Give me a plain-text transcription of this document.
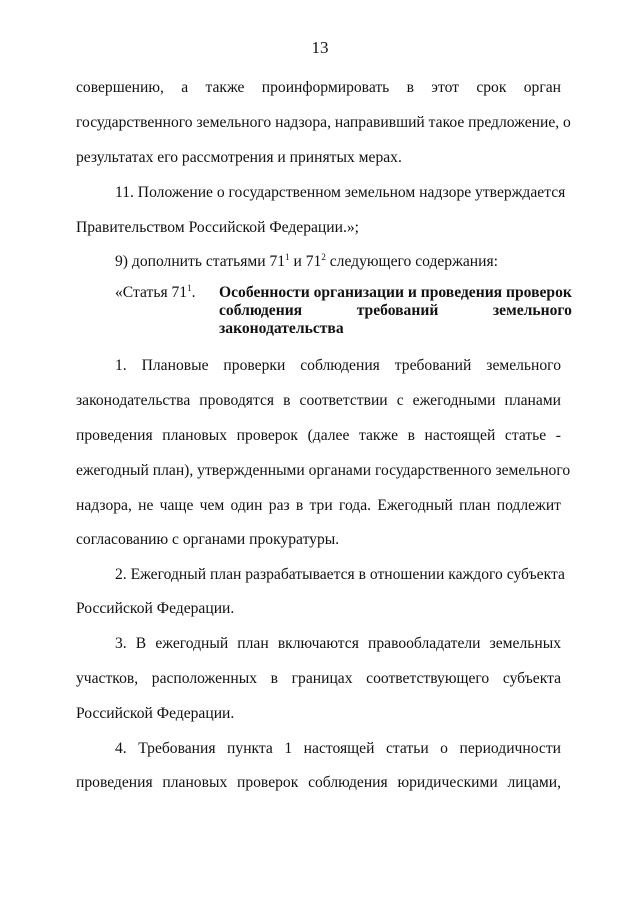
13
совершению, а также проинформировать в этот срок орган
государственного земельного надзора, направивший такое предложение, о
результатах его рассмотрения и принятых мерах.
11. Положение о государственном земельном надзоре утверждается
Правительством Российской Федерации.»;
9) дополнить статьями $71^1$ и $71^2$ следующего содержания:
«Статья $71^1$.	Особенности организации и проведения проверок
соблюдения требований земельного
законодательства
1. Плановые проверки соблюдения требований земельного
законодательства проводятся в соответствии с ежегодными планами
проведения плановых проверок (далее также в настоящей статье -
ежегодный план), утвержденными органами государственного земельного
надзора, не чаще чем один раз в три года. Ежегодный план подлежит
согласованию с органами прокуратуры.
2. Ежегодный план разрабатывается в отношении каждого субъекта
Российской Федерации.
3. В ежегодный план включаются правообладатели земельных
участков, расположенных в границах соответствующего субъекта
Российской Федерации.
4. Требования пункта 1 настоящей статьи о периодичности
проведения плановых проверок соблюдения юридическими лицами,
